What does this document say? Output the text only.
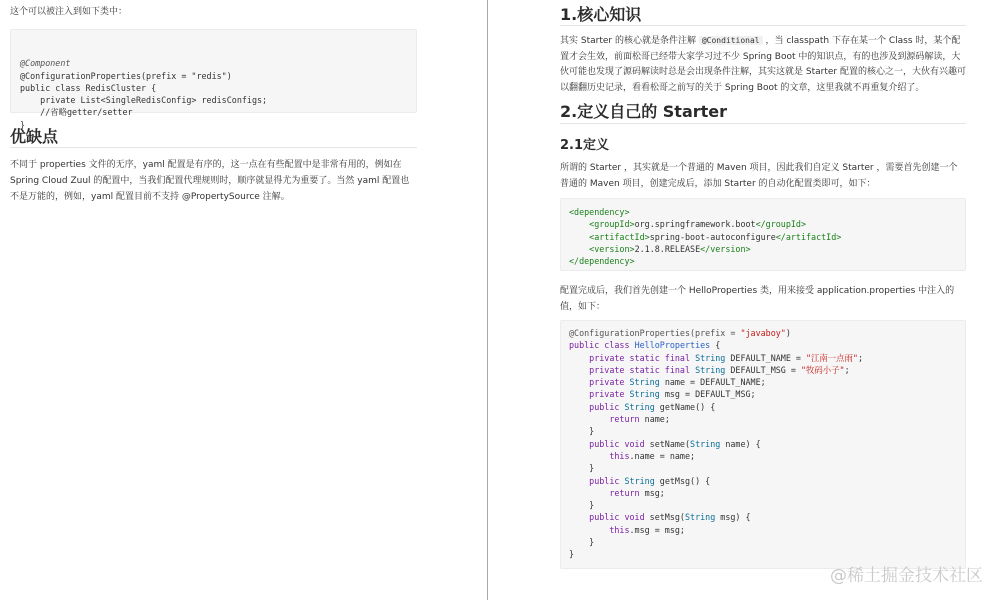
这个可以被注入到如下类中：

@Component
@ConfigurationProperties(prefix = "redis")
public class RedisCluster {
private List<SingleRedisConfig> redisConfigs;
//省略getter/setter
}
优缺点

不同于 properties 文件的无序，yaml 配置是有序的，这一点在有些配置中是非常有用的，例如在 Spring Cloud Zuul 的配置中，当我们配置代理规则时，顺序就显得尤为重要了。当然 yaml 配置也不是万能的，例如，yaml 配置目前不支持 @PropertySource 注解。

1.核心知识

其实 Starter 的核心就是条件注解 @Conditional ，当 classpath 下存在某一个 Class 时，某个配置才会生效，前面松哥已经带大家学习过不少 Spring Boot 中的知识点，有的也涉及到源码解读，大伙可能也发现了源码解读时总是会出现条件注解，其实这就是 Starter 配置的核心之一，大伙有兴趣可以翻翻历史记录，看看松哥之前写的关于 Spring Boot 的文章，这里我就不再重复介绍了。

2.定义自己的 Starter
2.1定义

所谓的 Starter ，其实就是一个普通的 Maven 项目，因此我们自定义 Starter ，需要首先创建一个普通的 Maven 项目，创建完成后，添加 Starter 的自动化配置类即可，如下：

<dependency>
<groupId>org.springframework.boot</groupId>
<artifactId>spring-boot-autoconfigure</artifactId>
<version>2.1.8.RELEASE</version>
</dependency>

配置完成后，我们首先创建一个 HelloProperties 类，用来接受 application.properties 中注入的值，如下：

@ConfigurationProperties(prefix = "javaboy")
public class HelloProperties {
private static final String DEFAULT_NAME = "江南一点雨";
private static final String DEFAULT_MSG = "牧码小子";
private String name = DEFAULT_NAME;
private String msg = DEFAULT_MSG;
public String getName() {
return name;
}
public void setName(String name) {
this.name = name;
}
public String getMsg() {
return msg;
}
public void setMsg(String msg) {
this.msg = msg;
}
}
@稀土掘金技术社区
